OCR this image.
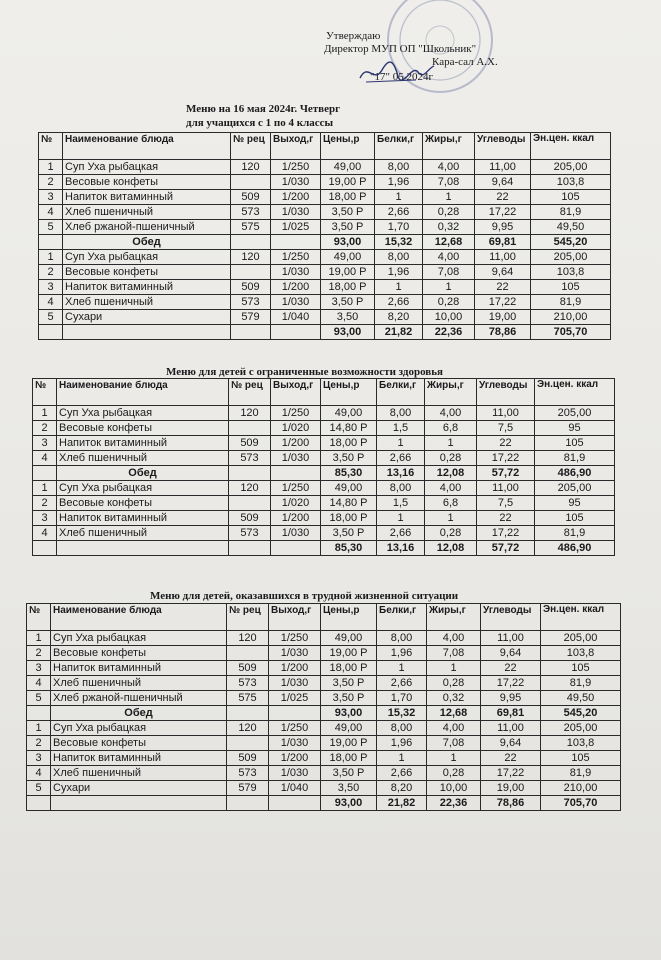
Утверждаю
Директор МУП ОП "Школьник"
Кара-сал А.Х.
"17" 05 2024г
Меню на 16 мая 2024г. Четверг
для учащихся с 1 по 4 классы
№	Наименование блюда	№ рец	Выход,г	Цены,р	Белки,г	Жиры,г	Углеводы	Эн.цен. ккал
1	Суп Уха рыбацкая	120	1/250	49,00	8,00	4,00	11,00	205,00
2	Весовые конфеты		1/030	19,00 Р	1,96	7,08	9,64	103,8
3	Напиток витаминный	509	1/200	18,00 Р	1	1	22	105
4	Хлеб пшеничный	573	1/030	3,50 Р	2,66	0,28	17,22	81,9
5	Хлеб ржаной-пшеничный	575	1/025	3,50 Р	1,70	0,32	9,95	49,50
	Обед			93,00	15,32	12,68	69,81	545,20
1	Суп Уха рыбацкая	120	1/250	49,00	8,00	4,00	11,00	205,00
2	Весовые конфеты		1/030	19,00 Р	1,96	7,08	9,64	103,8
3	Напиток витаминный	509	1/200	18,00 Р	1	1	22	105
4	Хлеб пшеничный	573	1/030	3,50 Р	2,66	0,28	17,22	81,9
5	Сухари	579	1/040	3,50	8,20	10,00	19,00	210,00
				93,00	21,82	22,36	78,86	705,70
Меню для детей с ограниченные возможности здоровья
№	Наименование блюда	№ рец	Выход,г	Цены,р	Белки,г	Жиры,г	Углеводы	Эн.цен. ккал
1	Суп Уха рыбацкая	120	1/250	49,00	8,00	4,00	11,00	205,00
2	Весовые конфеты		1/020	14,80 Р	1,5	6,8	7,5	95
3	Напиток витаминный	509	1/200	18,00 Р	1	1	22	105
4	Хлеб пшеничный	573	1/030	3,50 Р	2,66	0,28	17,22	81,9
	Обед			85,30	13,16	12,08	57,72	486,90
1	Суп Уха рыбацкая	120	1/250	49,00	8,00	4,00	11,00	205,00
2	Весовые конфеты		1/020	14,80 Р	1,5	6,8	7,5	95
3	Напиток витаминный	509	1/200	18,00 Р	1	1	22	105
4	Хлеб пшеничный	573	1/030	3,50 Р	2,66	0,28	17,22	81,9
				85,30	13,16	12,08	57,72	486,90
Меню для детей, оказавшихся в трудной жизненной ситуации
№	Наименование блюда	№ рец	Выход,г	Цены,р	Белки,г	Жиры,г	Углеводы	Эн.цен. ккал
1	Суп Уха рыбацкая	120	1/250	49,00	8,00	4,00	11,00	205,00
2	Весовые конфеты		1/030	19,00 Р	1,96	7,08	9,64	103,8
3	Напиток витаминный	509	1/200	18,00 Р	1	1	22	105
4	Хлеб пшеничный	573	1/030	3,50 Р	2,66	0,28	17,22	81,9
5	Хлеб ржаной-пшеничный	575	1/025	3,50 Р	1,70	0,32	9,95	49,50
	Обед			93,00	15,32	12,68	69,81	545,20
1	Суп Уха рыбацкая	120	1/250	49,00	8,00	4,00	11,00	205,00
2	Весовые конфеты		1/030	19,00 Р	1,96	7,08	9,64	103,8
3	Напиток витаминный	509	1/200	18,00 Р	1	1	22	105
4	Хлеб пшеничный	573	1/030	3,50 Р	2,66	0,28	17,22	81,9
5	Сухари	579	1/040	3,50	8,20	10,00	19,00	210,00
				93,00	21,82	22,36	78,86	705,70
